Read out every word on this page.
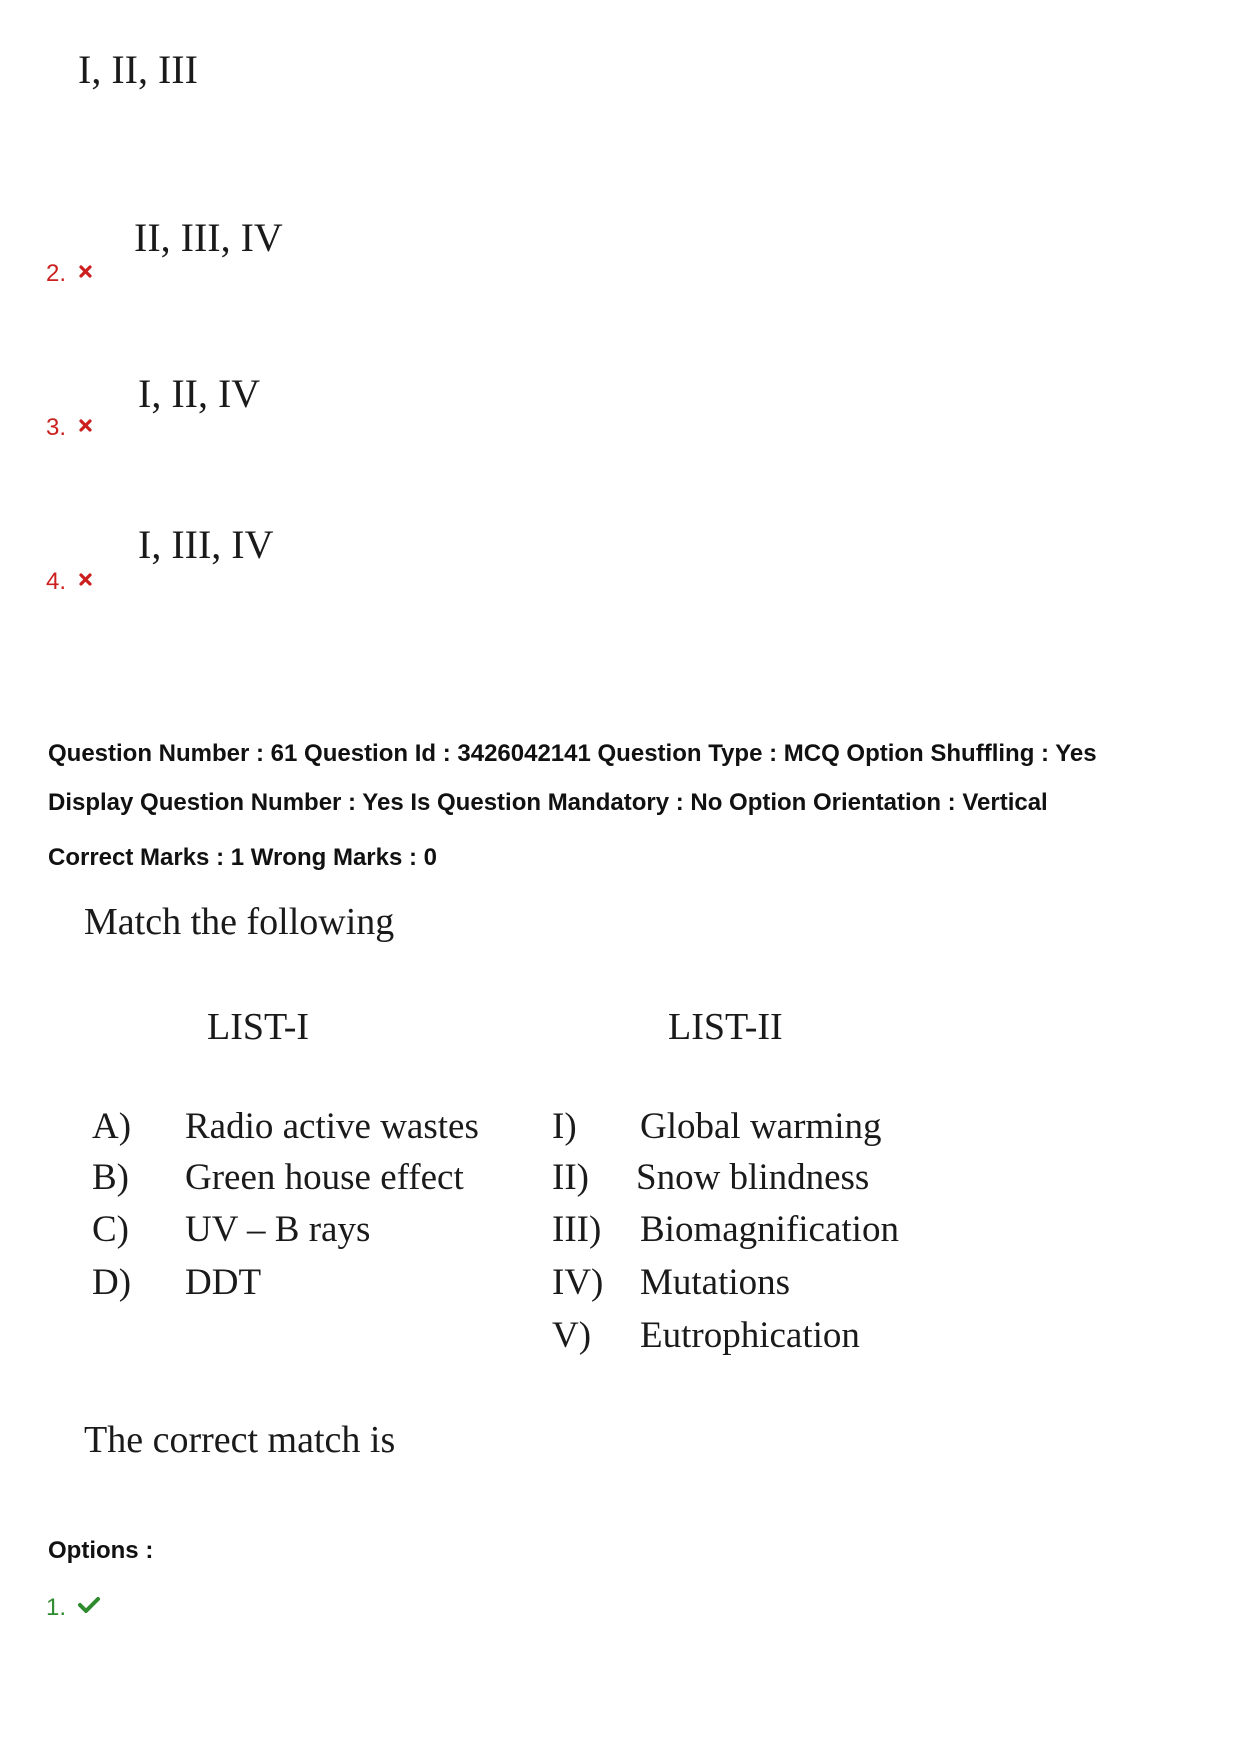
I, II, III
2.
II, III, IV
3.
I, II, IV
4.
I, III, IV
Question Number : 61 Question Id : 3426042141 Question Type : MCQ Option Shuffling : Yes
Display Question Number : Yes Is Question Mandatory : No Option Orientation : Vertical
Correct Marks : 1 Wrong Marks : 0
Match the following
LIST-I	LIST-II
A) Radio active wastes
B) Green house effect
C) UV – B rays
D) DDT
I) Global warming
II) Snow blindness
III) Biomagnification
IV) Mutations
V) Eutrophication
The correct match is
Options :
1.
